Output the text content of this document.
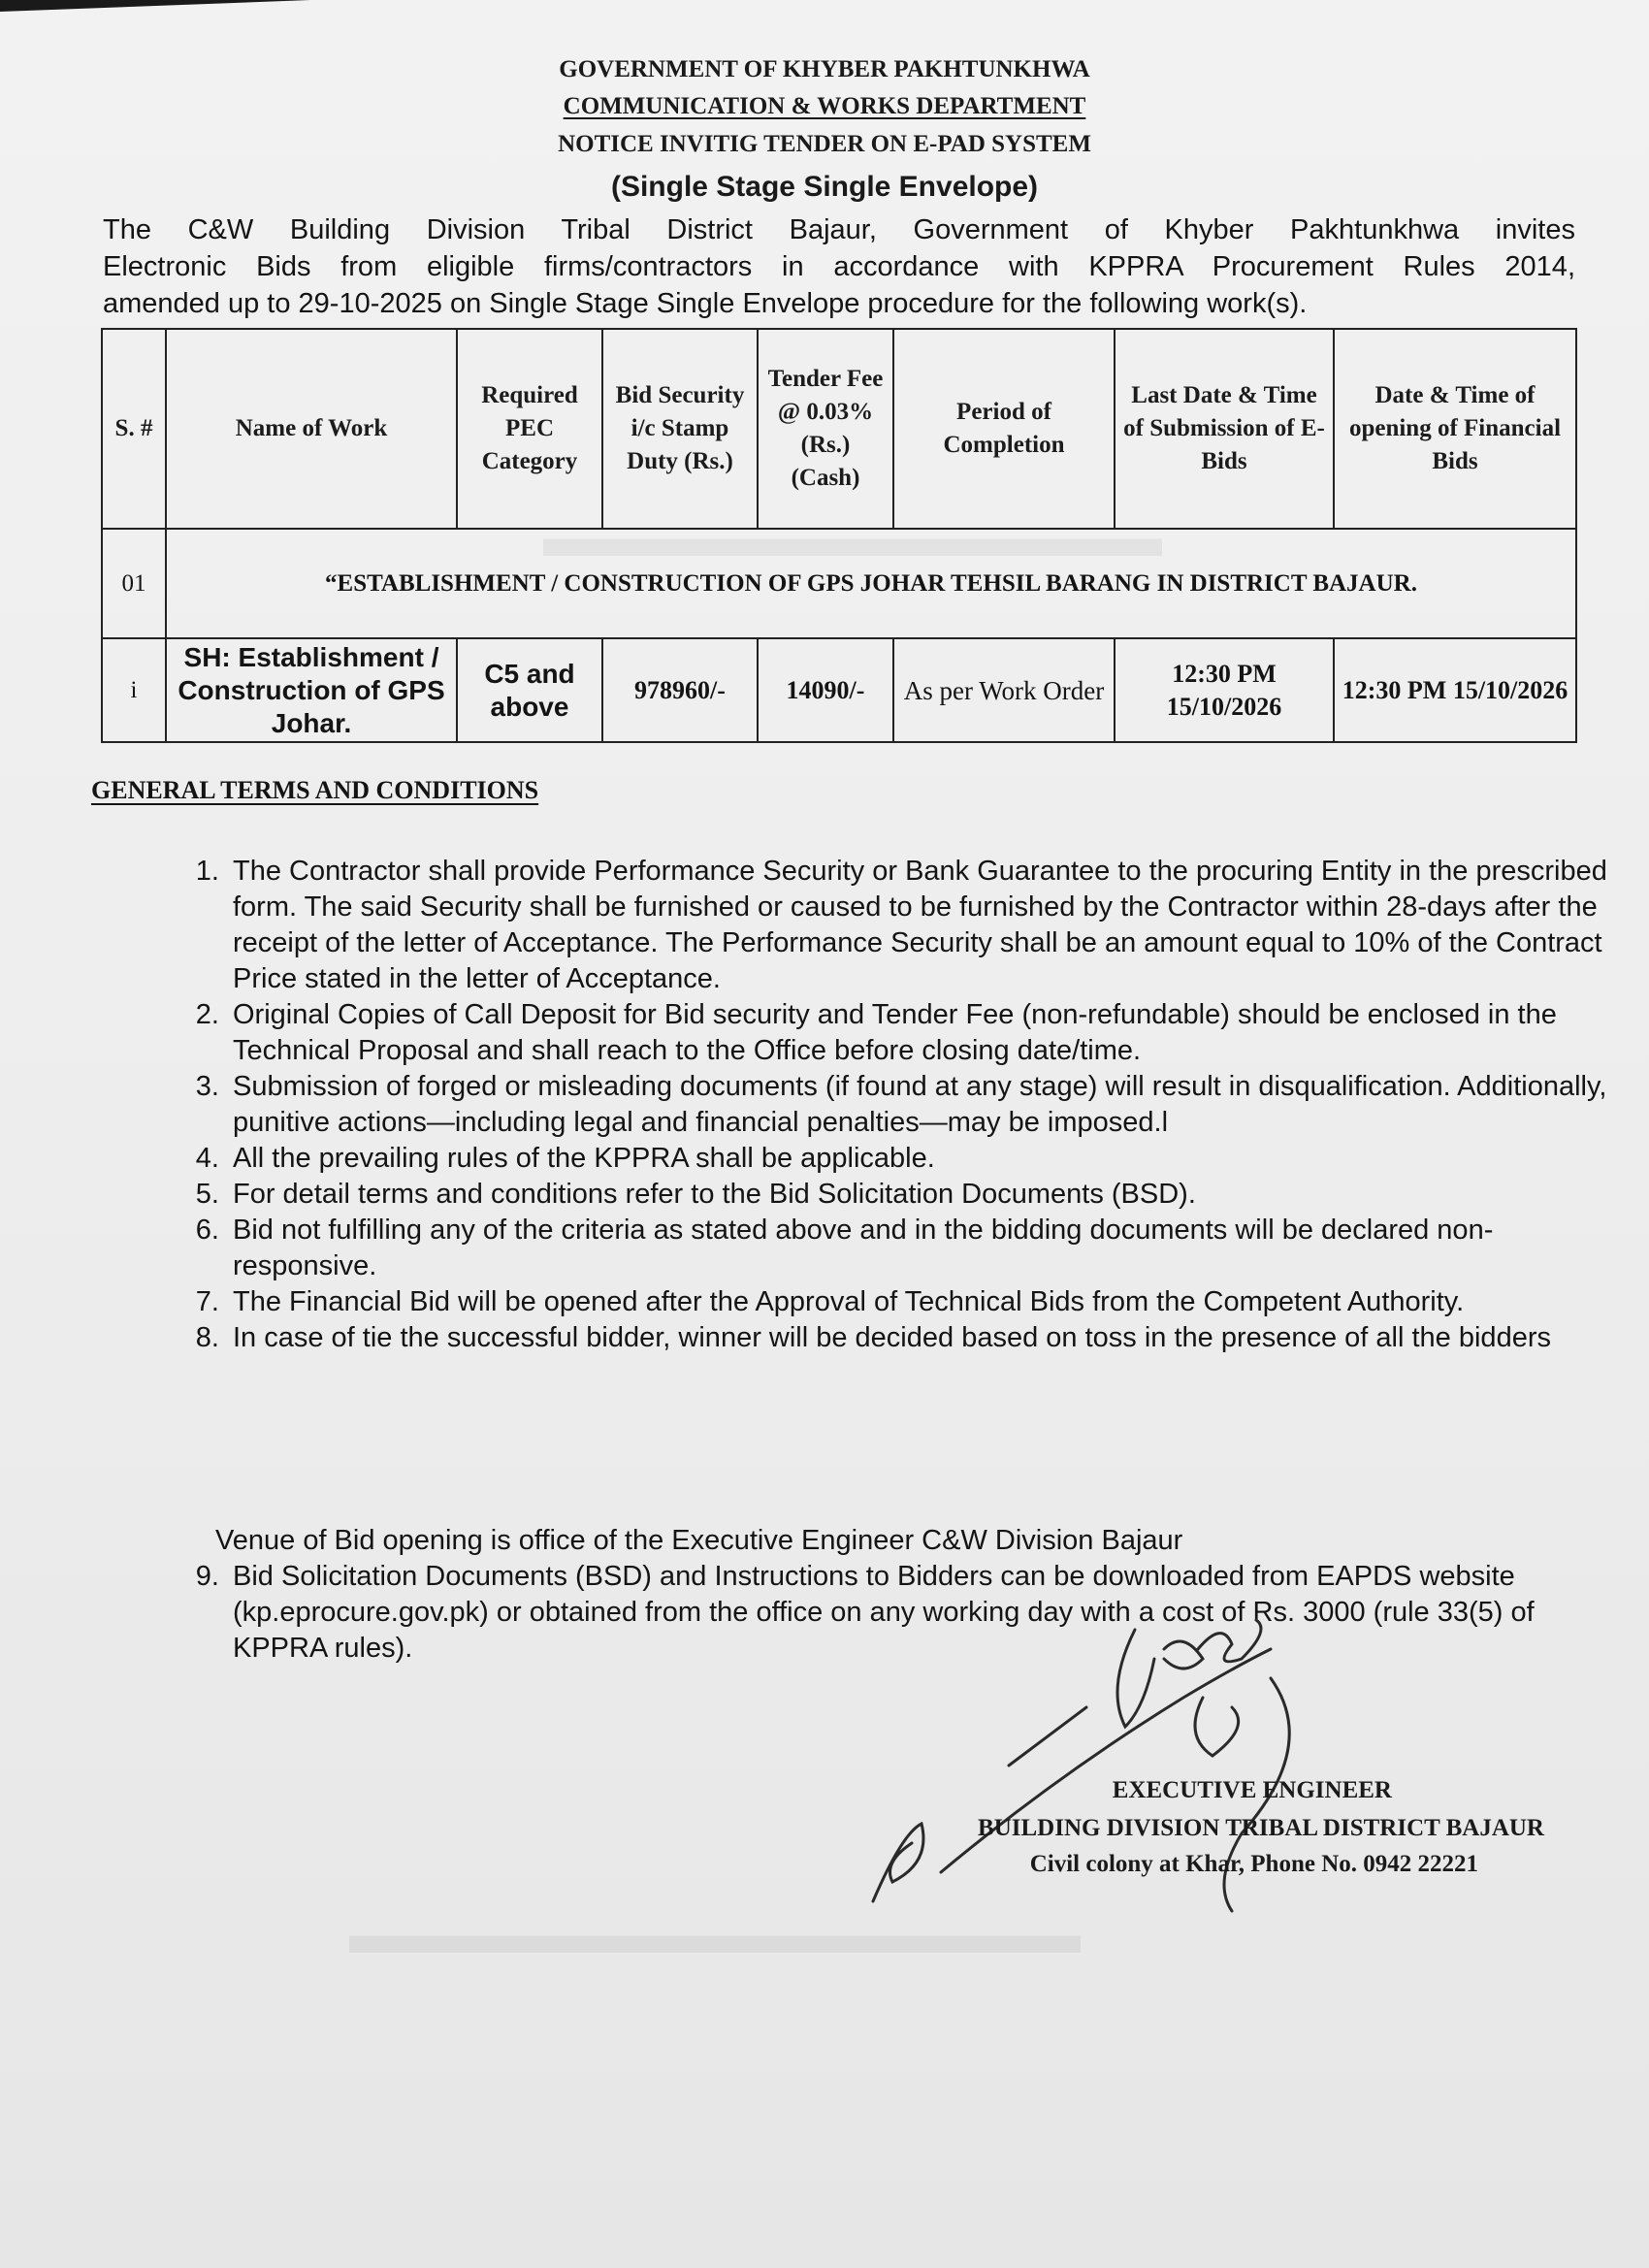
▬▬▬▬▬▬▬▬▬▬▬
▬▬▬▬▬▬▬▬▬▬▬▬▬
GOVERNMENT OF KHYBER PAKHTUNKHWA
COMMUNICATION & WORKS DEPARTMENT
NOTICE INVITIG TENDER ON E-PAD SYSTEM
(Single Stage Single Envelope)
The C&W Building Division Tribal District Bajaur, Government of Khyber Pakhtunkhwa invites
Electronic Bids from eligible firms/contractors in accordance with KPPRA Procurement Rules 2014,
amended up to 29-10-2025 on Single Stage Single Envelope procedure for the following work(s).
S. #	Name of Work	Required PEC Category	Bid Security i/c Stamp Duty (Rs.)	Tender Fee @ 0.03% (Rs.) (Cash)	Period of Completion	Last Date & Time of Submission of E-Bids	Date & Time of opening of Financial Bids
01	“ESTABLISHMENT / CONSTRUCTION OF GPS JOHAR TEHSIL BARANG IN DISTRICT BAJAUR.						
i	SH: Establishment / Construction of GPS Johar.	C5 and above	978960/-	14090/-	As per Work Order	12:30 PM 15/10/2026	12:30 PM 15/10/2026
GENERAL TERMS AND CONDITIONS
1. The Contractor shall provide Performance Security or Bank Guarantee to the procuring Entity in the prescribed form. The said Security shall be furnished or caused to be furnished by the Contractor within 28-days after the receipt of the letter of Acceptance. The Performance Security shall be an amount equal to 10% of the Contract Price stated in the letter of Acceptance.
2. Original Copies of Call Deposit for Bid security and Tender Fee (non-refundable) should be enclosed in the Technical Proposal and shall reach to the Office before closing date/time.
3. Submission of forged or misleading documents (if found at any stage) will result in disqualification. Additionally, punitive actions—including legal and financial penalties—may be imposed.l
4. All the prevailing rules of the KPPRA shall be applicable.
5. For detail terms and conditions refer to the Bid Solicitation Documents (BSD).
6. Bid not fulfilling any of the criteria as stated above and in the bidding documents will be declared non-responsive.
7. The Financial Bid will be opened after the Approval of Technical Bids from the Competent Authority.
8. In case of tie the successful bidder, winner will be decided based on toss in the presence of all the bidders
Venue of Bid opening is office of the Executive Engineer C&W Division Bajaur
9. Bid Solicitation Documents (BSD) and Instructions to Bidders can be downloaded from EAPDS website (kp.eprocure.gov.pk) or obtained from the office on any working day with a cost of Rs. 3000 (rule 33(5) of KPPRA rules).
EXECUTIVE ENGINEER
BUILDING DIVISION TRIBAL DISTRICT BAJAUR
Civil colony at Khar, Phone No. 0942 22221
